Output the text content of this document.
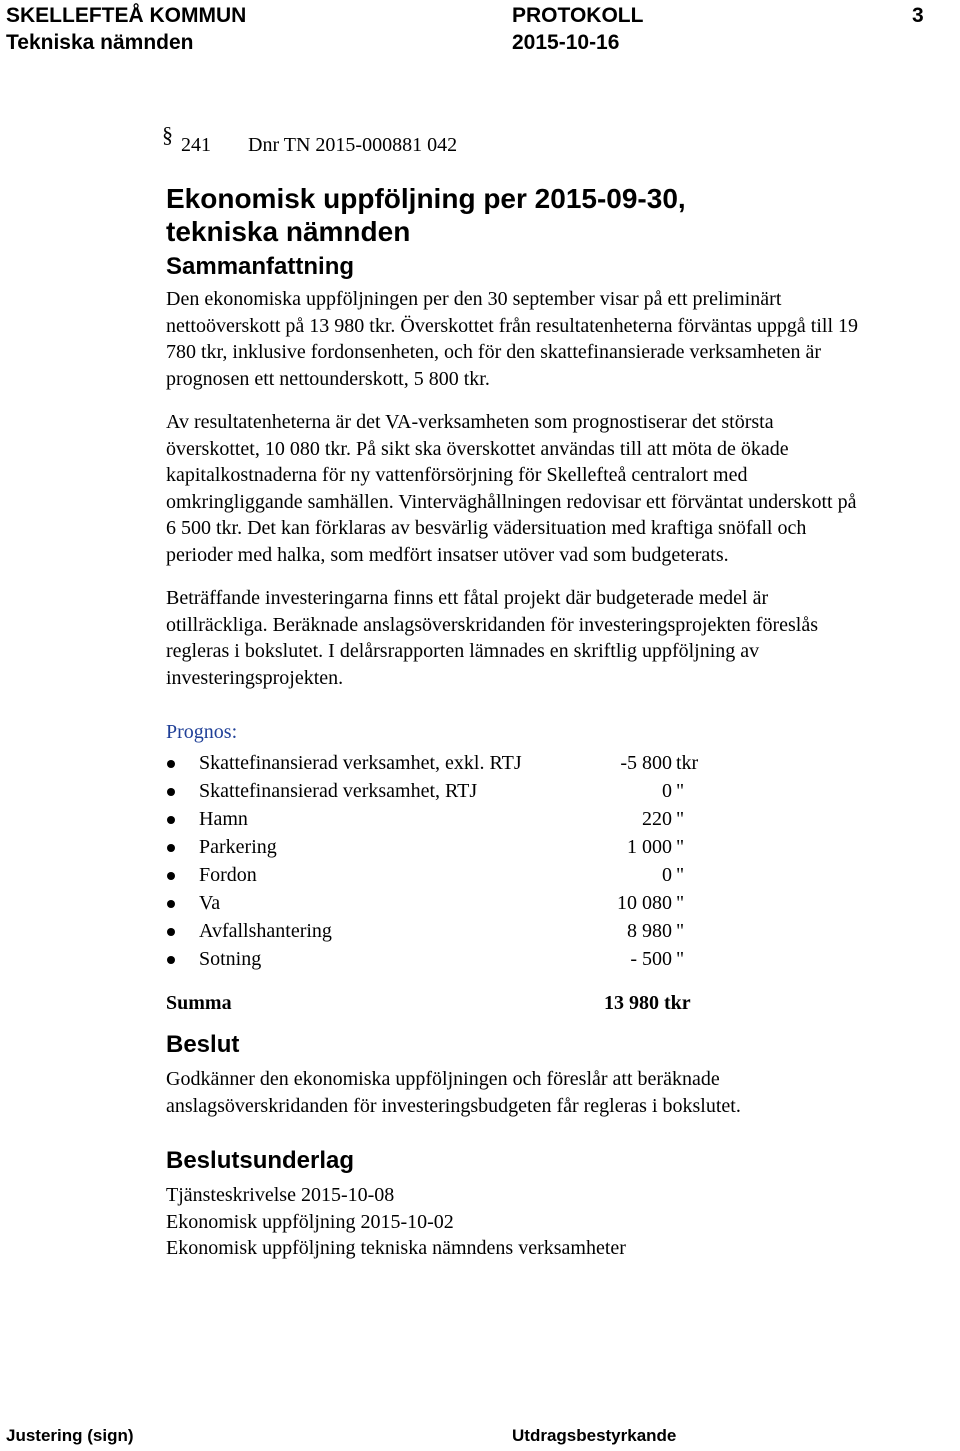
SKELLEFTEÅ KOMMUN
Tekniska nämnden
PROTOKOLL
2015-10-16
3
§ 241 Dnr TN 2015-000881 042
Ekonomisk uppföljning per 2015-09-30,
tekniska nämnden
Sammanfattning

Den ekonomiska uppföljningen per den 30 september visar på ett preliminärt nettoöverskott på 13 980 tkr. Överskottet från resultatenheterna förväntas uppgå till 19 780 tkr, inklusive fordonsenheten, och för den skattefinansierade verksamheten är prognosen ett nettounderskott, 5 800 tkr.

Av resultatenheterna är det VA-verksamheten som prognostiserar det största överskottet, 10 080 tkr. På sikt ska överskottet användas till att möta de ökade kapitalkostnaderna för ny vattenförsörjning för Skellefteå centralort med omkringliggande samhällen. Vinterväghållningen redovisar ett förväntat underskott på 6 500 tkr. Det kan förklaras av besvärlig vädersituation med kraftiga snöfall och perioder med halka, som medfört insatser utöver vad som budgeterats.

Beträffande investeringarna finns ett fåtal projekt där budgeterade medel är otillräckliga. Beräknade anslagsöverskridanden för investeringsprojekten föreslås regleras i bokslutet. I delårsrapporten lämnades en skriftlig uppföljning av investeringsprojekten.

Prognos:
Skattefinansierad verksamhet, exkl. RTJ	-5 800 tkr
Skattefinansierad verksamhet, RTJ	0 "
Hamn	220 "
Parkering	1 000 "
Fordon	0 "
Va	10 080 "
Avfallshantering	8 980 "
Sotning	- 500 "
Summa	13 980 tkr
Beslut

Godkänner den ekonomiska uppföljningen och föreslår att beräknade anslagsöverskridanden för investeringsbudgeten får regleras i bokslutet.

Beslutsunderlag

Tjänsteskrivelse 2015-10-08

Ekonomisk uppföljning 2015-10-02

Ekonomisk uppföljning tekniska nämndens verksamheter

Justering (sign)	Utdragsbestyrkande
